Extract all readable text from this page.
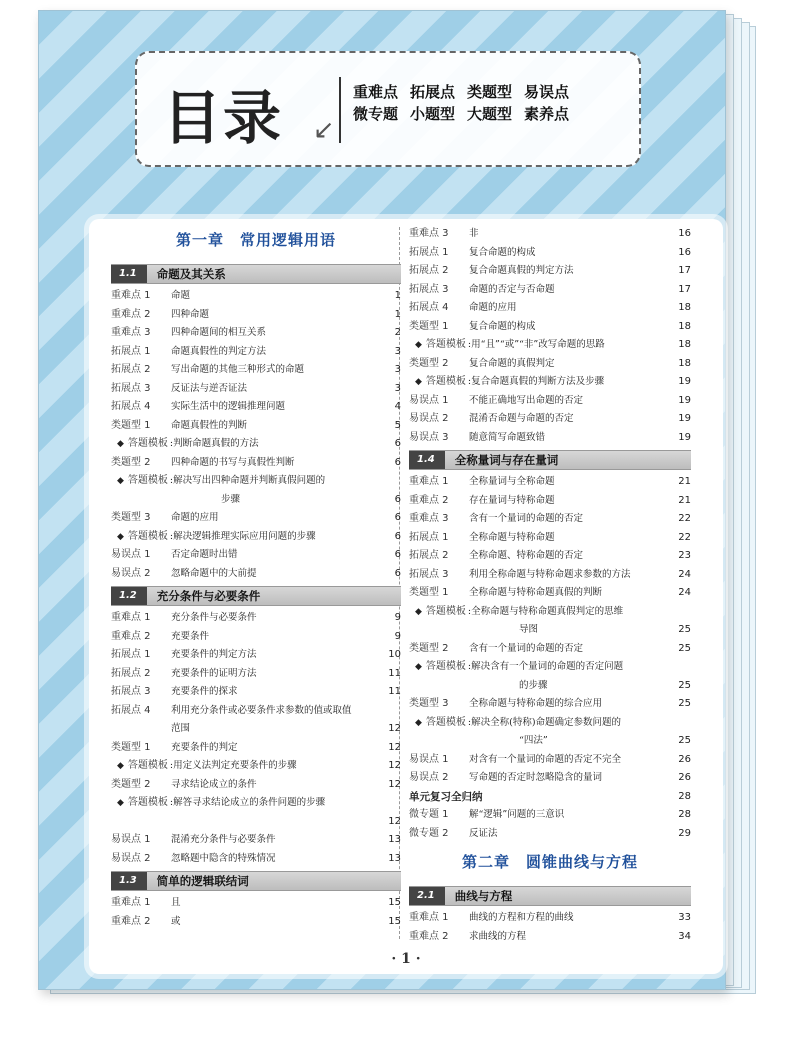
目录 ↙
重难点 拓展点 类题型 易误点
微专题 小题型 大题型 素养点
第一章　常用逻辑用语
1.1	命题及其关系
重难点 1	命题	1
重难点 2	四种命题	1
重难点 3	四种命题间的相互关系	2
拓展点 1	命题真假性的判定方法	3
拓展点 2	写出命题的其他三种形式的命题	3
拓展点 3	反证法与逆否证法	3
拓展点 4	实际生活中的逻辑推理问题	4
类题型 1	命题真假性的判断	5
◆ 答题模板 :判断命题真假的方法	6
类题型 2	四种命题的书写与真假性判断	6
◆ 答题模板 :解决写出四种命题并判断真假问题的
步骤	6
类题型 3	命题的应用	6
◆ 答题模板 :解决逻辑推理实际应用问题的步骤	6
易误点 1	否定命题时出错	6
易误点 2	忽略命题中的大前提	6
1.2	充分条件与必要条件
重难点 1	充分条件与必要条件	9
重难点 2	充要条件	9
拓展点 1	充要条件的判定方法	10
拓展点 2	充要条件的证明方法	11
拓展点 3	充要条件的探求	11
拓展点 4	利用充分条件或必要条件求参数的值或取值
范围	12
类题型 1	充要条件的判定	12
◆ 答题模板 :用定义法判定充要条件的步骤	12
类题型 2	寻求结论成立的条件	12
◆ 答题模板 :解答寻求结论成立的条件问题的步骤
12
易误点 1	混淆充分条件与必要条件	13
易误点 2	忽略题中隐含的特殊情况	13
1.3	简单的逻辑联结词
重难点 1	且	15
重难点 2	或	15
重难点 3	非	16
拓展点 1	复合命题的构成	16
拓展点 2	复合命题真假的判定方法	17
拓展点 3	命题的否定与否命题	17
拓展点 4	命题的应用	18
类题型 1	复合命题的构成	18
◆ 答题模板 :用“且”“或”“非”改写命题的思路	18
类题型 2	复合命题的真假判定	18
◆ 答题模板 :复合命题真假的判断方法及步骤	19
易误点 1	不能正确地写出命题的否定	19
易误点 2	混淆否命题与命题的否定	19
易误点 3	随意简写命题致错	19
1.4	全称量词与存在量词
重难点 1	全称量词与全称命题	21
重难点 2	存在量词与特称命题	21
重难点 3	含有一个量词的命题的否定	22
拓展点 1	全称命题与特称命题	22
拓展点 2	全称命题、特称命题的否定	23
拓展点 3	利用全称命题与特称命题求参数的方法	24
类题型 1	全称命题与特称命题真假的判断	24
◆ 答题模板 :全称命题与特称命题真假判定的思维
导图	25
类题型 2	含有一个量词的命题的否定	25
◆ 答题模板 :解决含有一个量词的命题的否定问题
的步骤	25
类题型 3	全称命题与特称命题的综合应用	25
◆ 答题模板 :解决全称(特称)命题确定参数问题的
“四法”	25
易误点 1	对含有一个量词的命题的否定不完全	26
易误点 2	写命题的否定时忽略隐含的量词	26
单元复习全归纳	28
微专题 1	解“逻辑”问题的三意识	28
微专题 2	反证法	29
第二章　圆锥曲线与方程
2.1	曲线与方程
重难点 1	曲线的方程和方程的曲线	33
重难点 2	求曲线的方程	34
· 1 ·
